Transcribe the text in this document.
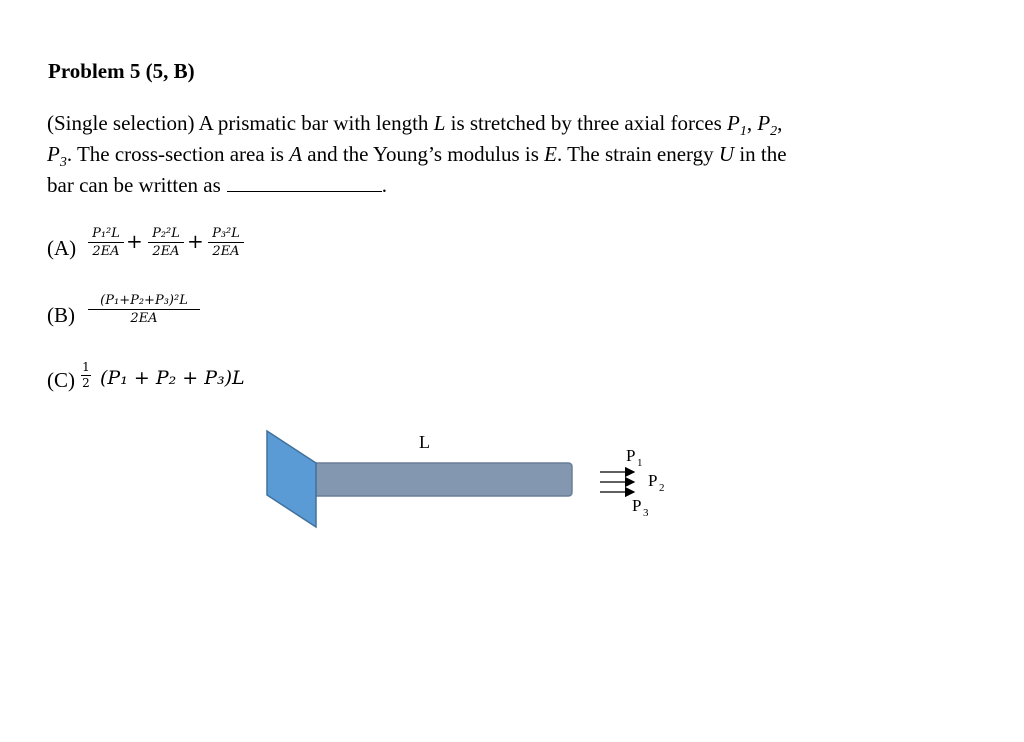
Problem 5 (5, B)
(Single selection) A prismatic bar with length L is stretched by three axial forces $P_1$, $P_2$,
$P_3$. The cross-section area is A and the Young’s modulus is E. The strain energy U in the
bar can be written as	.
(A)
P₁²L
2EA + P₂²L
2EA + P₃²L
2EA
(B)
(P₁+P₂+P₃)²L
2EA
(C)
1
2 (P₁ + P₂ + P₃)L
L
P 1
P 2
P 3
